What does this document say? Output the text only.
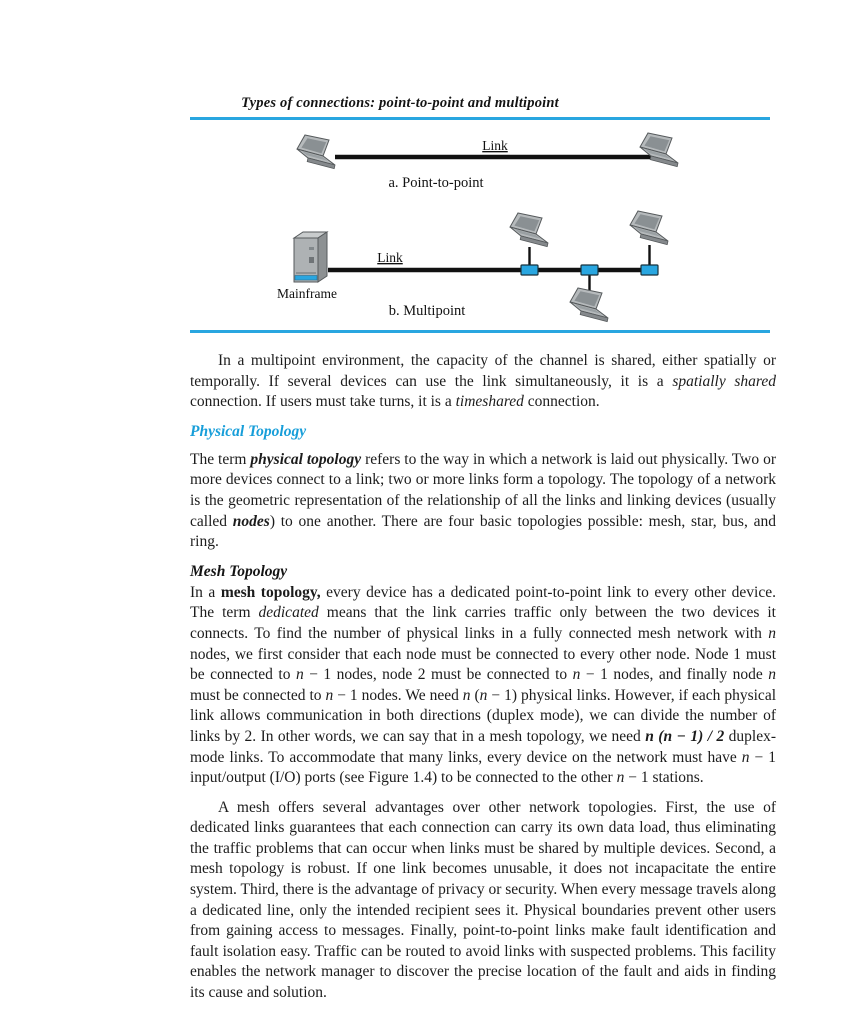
Types of connections: point-to-point and multipoint
Link
a. Point-to-point
Link
Mainframe
b. Multipoint

In a multipoint environment, the capacity of the channel is shared, either spatially or temporally. If several devices can use the link simultaneously, it is a spatially shared connection. If users must take turns, it is a timeshared connection.

Physical Topology

The term physical topology refers to the way in which a network is laid out physically. Two or more devices connect to a link; two or more links form a topology. The topology of a network is the geometric representation of the relationship of all the links and linking devices (usually called nodes) to one another. There are four basic topologies possible: mesh, star, bus, and ring.

Mesh Topology

In a mesh topology, every device has a dedicated point-to-point link to every other device. The term dedicated means that the link carries traffic only between the two devices it connects. To find the number of physical links in a fully connected mesh network with n nodes, we first consider that each node must be connected to every other node. Node 1 must be connected to n − 1 nodes, node 2 must be connected to n − 1 nodes, and finally node n must be connected to n − 1 nodes. We need n (n − 1) physical links. However, if each physical link allows communication in both directions (duplex mode), we can divide the number of links by 2. In other words, we can say that in a mesh topology, we need n (n − 1) / 2 duplex-mode links. To accommodate that many links, every device on the network must have n − 1 input/output (I/O) ports (see Figure 1.4) to be connected to the other n − 1 stations.

A mesh offers several advantages over other network topologies. First, the use of dedicated links guarantees that each connection can carry its own data load, thus eliminating the traffic problems that can occur when links must be shared by multiple devices. Second, a mesh topology is robust. If one link becomes unusable, it does not incapacitate the entire system. Third, there is the advantage of privacy or security. When every message travels along a dedicated line, only the intended recipient sees it. Physical boundaries prevent other users from gaining access to messages. Finally, point-to-point links make fault identification and fault isolation easy. Traffic can be routed to avoid links with suspected problems. This facility enables the network manager to discover the precise location of the fault and aids in finding its cause and solution.
